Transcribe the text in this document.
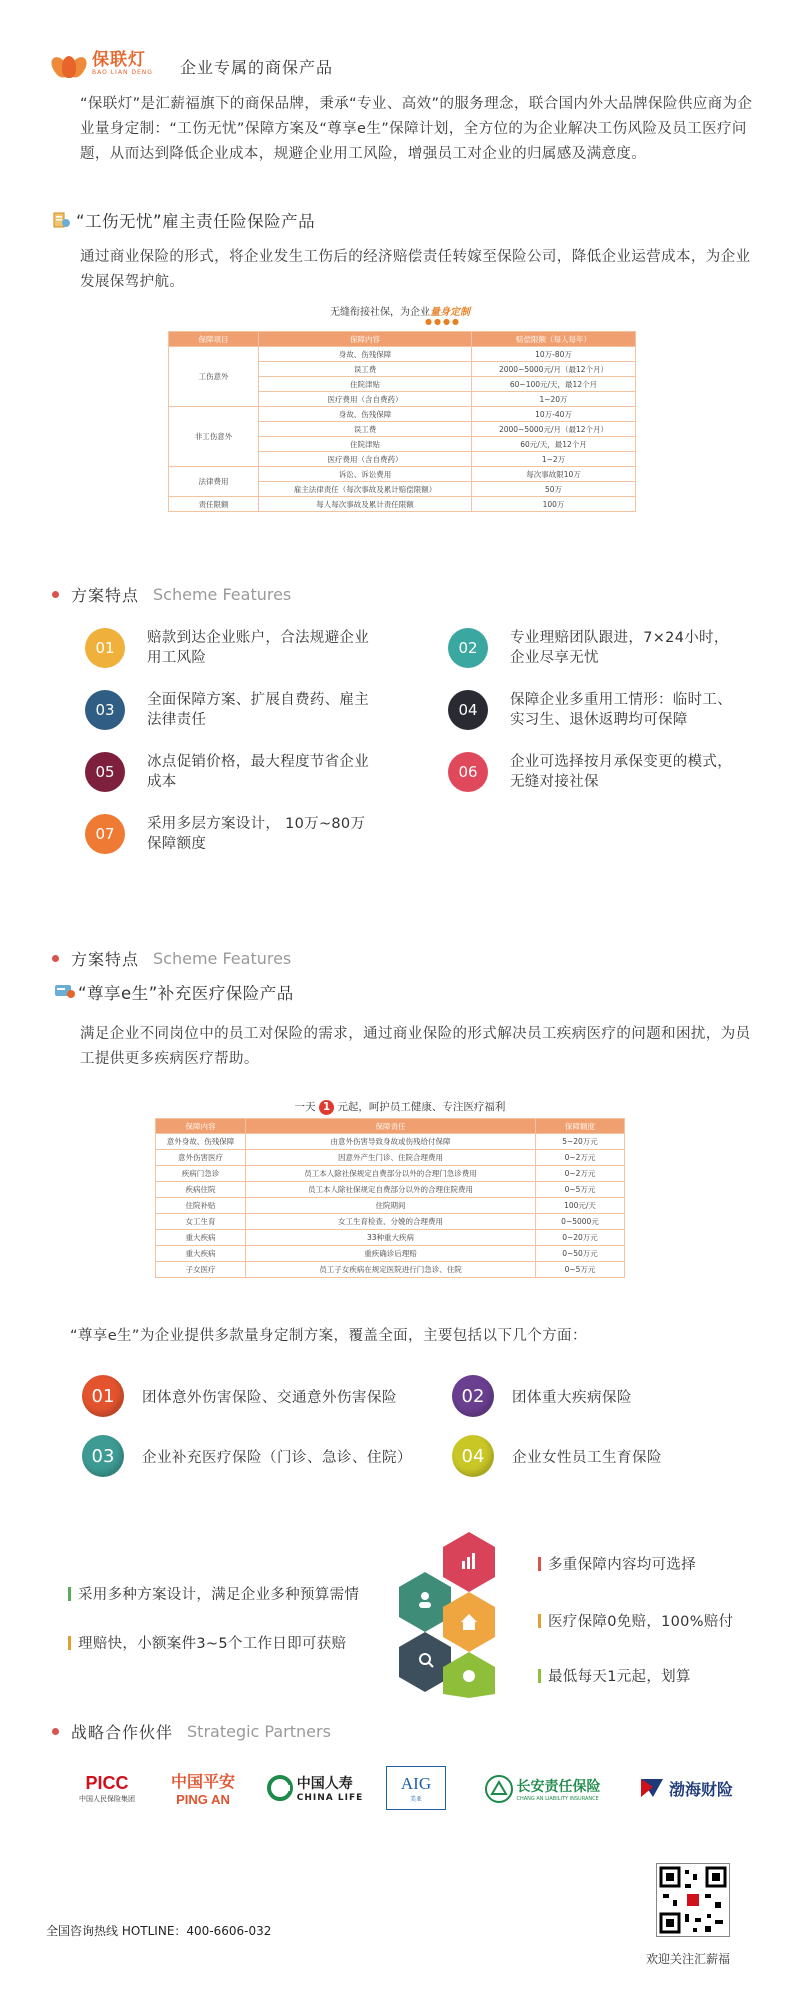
保联灯
BAO LIAN DENG 企业专属的商保产品
“保联灯”是汇薪福旗下的商保品牌，秉承“专业、高效”的服务理念，联合国内外大品牌保险供应商为企业量身定制：“工伤无忧”保障方案及“尊享e生”保障计划，全方位的为企业解决工伤风险及员工医疗问题，从而达到降低企业成本，规避企业用工风险，增强员工对企业的归属感及满意度。
“工伤无忧”雇主责任险保险产品
通过商业保险的形式，将企业发生工伤后的经济赔偿责任转嫁至保险公司，降低企业运营成本，为企业发展保驾护航。
无缝衔接社保，为企业量身定制
●●●●
保障项目	保障内容	赔偿限额（每人每年）
工伤意外	身故、伤残保障	10万-80万
	误工费	2000~5000元/月（最12个月）
	住院津贴	60~100元/天，最12个月
	医疗费用（含自费药）	1~20万
非工伤意外	身故、伤残保障	10万-40万
	误工费	2000~5000元/月（最12个月）
	住院津贴	60元/天，最12个月
	医疗费用（含自费药）	1~2万
法律费用	诉讼、诉讼费用	每次事故限10万
	雇主法律责任（每次事故及累计赔偿限额）	50万
责任限额	每人每次事故及累计责任限额	100万
方案特点 Scheme Features
01
赔款到达企业账户，合法规避企业用工风险
02
专业理赔团队跟进，7×24小时，企业尽享无忧
03
全面保障方案、扩展自费药、雇主法律责任
04
保障企业多重用工情形：临时工、实习生、退休返聘均可保障
05
冰点促销价格，最大程度节省企业成本
06
企业可选择按月承保变更的模式，无缝对接社保
07
采用多层方案设计， 10万~80万保障额度
方案特点 Scheme Features
“尊享e生”补充医疗保险产品
满足企业不同岗位中的员工对保险的需求，通过商业保险的形式解决员工疾病医疗的问题和困扰，为员工提供更多疾病医疗帮助。
一天 1 元起，呵护员工健康、专注医疗福利
保障内容	保障责任	保障额度
意外身故、伤残保障	由意外伤害导致身故或伤残给付保障	5~20万元
意外伤害医疗	因意外产生门诊、住院合理费用	0~2万元
疾病门急诊	员工本人除社保规定自费部分以外的合理门急诊费用	0~2万元
疾病住院	员工本人除社保规定自费部分以外的合理住院费用	0~5万元
住院补贴	住院期间	100元/天
女工生育	女工生育检查、分娩的合理费用	0~5000元
重大疾病	33种重大疾病	0~20万元
重大疾病	重疾确诊后理赔	0~50万元
子女医疗	员工子女疾病在规定医院进行门急诊、住院	0~5万元
“尊享e生”为企业提供多款量身定制方案，覆盖全面，主要包括以下几个方面：
01	团体意外伤害保险、交通意外伤害保险	02	团体重大疾病保险
03	企业补充医疗保险（门诊、急诊、住院）	04	企业女性员工生育保险
采用多种方案设计，满足企业多种预算需情
理赔快，小额案件3~5个工作日即可获赔
多重保障内容均可选择
医疗保障0免赔，100%赔付
最低每天1元起，划算
战略合作伙伴 Strategic Partners
PICC
中国人民保险集团
中国平安
PING AN
中国人寿
CHINA LIFE
AIG
美亚
长安责任保险
CHANG AN LIABILITY INSURANCE
渤海财险
全国咨询热线 HOTLINE：400-6606-032
欢迎关注汇薪福
